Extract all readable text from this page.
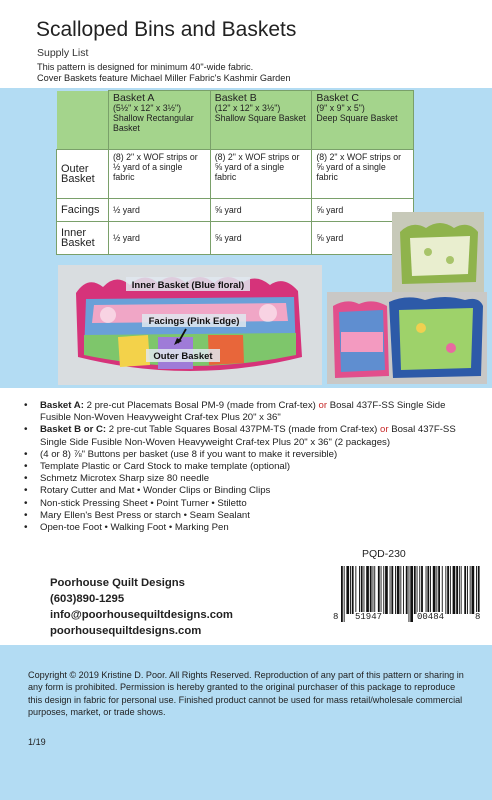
Scalloped Bins and Baskets
Supply List
This pattern is designed for minimum 40"-wide fabric.
Cover Baskets feature Michael Miller Fabric's Kashmir Garden
Share the fun - use
#scallopedbaskets
on Social Media!

	Basket A
(5½" x 12" x 3½")
Shallow Rectangular Basket	Basket B
(12" x 12" x 3½")
Shallow Square Basket	Basket C
(9" x 9" x 5")
Deep Square Basket
Outer Basket	(8) 2" x WOF strips or ½ yard of a single fabric	(8) 2" x WOF strips or ⅝ yard of a single fabric	(8) 2" x WOF strips or ⅝ yard of a single fabric
Facings	½ yard	⅝ yard	⅝ yard
Inner Basket	½ yard	⅝ yard	⅝ yard
Inner Basket (Blue floral)
Facings (Pink Edge)
Outer Basket
• Basket A: 2 pre-cut Placemats Bosal PM-9 (made from Craf-tex) or Bosal 437F-SS Single Side Fusible Non-Woven Heavyweight Craf-tex Plus 20" x 36"
• Basket B or C: 2 pre-cut Table Squares Bosal 437PM-TS (made from Craf-tex) or Bosal 437F-SS Single Side Fusible Non-Woven Heavyweight Craf-tex Plus 20" x 36" (2 packages)
• (4 or 8) ⅞" Buttons per basket (use 8 if you want to make it reversible)
• Template Plastic or Card Stock to make template (optional)
• Schmetz Microtex Sharp size 80 needle
• Rotary Cutter and Mat • Wonder Clips or Binding Clips
• Non-stick Pressing Sheet • Point Turner • Stiletto
• Mary Ellen's Best Press or starch • Seam Sealant
• Open-toe Foot • Walking Foot • Marking Pen
Poorhouse Quilt Designs
(603)890-1295
info@poorhousequiltdesigns.com
poorhousequiltdesigns.com
PQD-230
8 51947	00484	8
Copyright © 2019 Kristine D. Poor. All Rights Reserved. Reproduction of any part of this pattern or sharing in any form is prohibited. Permission is hereby granted to the original purchaser of this package to reproduce this design in fabric for personal use. Finished product cannot be used for mass retail/wholesale commercial purposes, market, or trade shows.
1/19
